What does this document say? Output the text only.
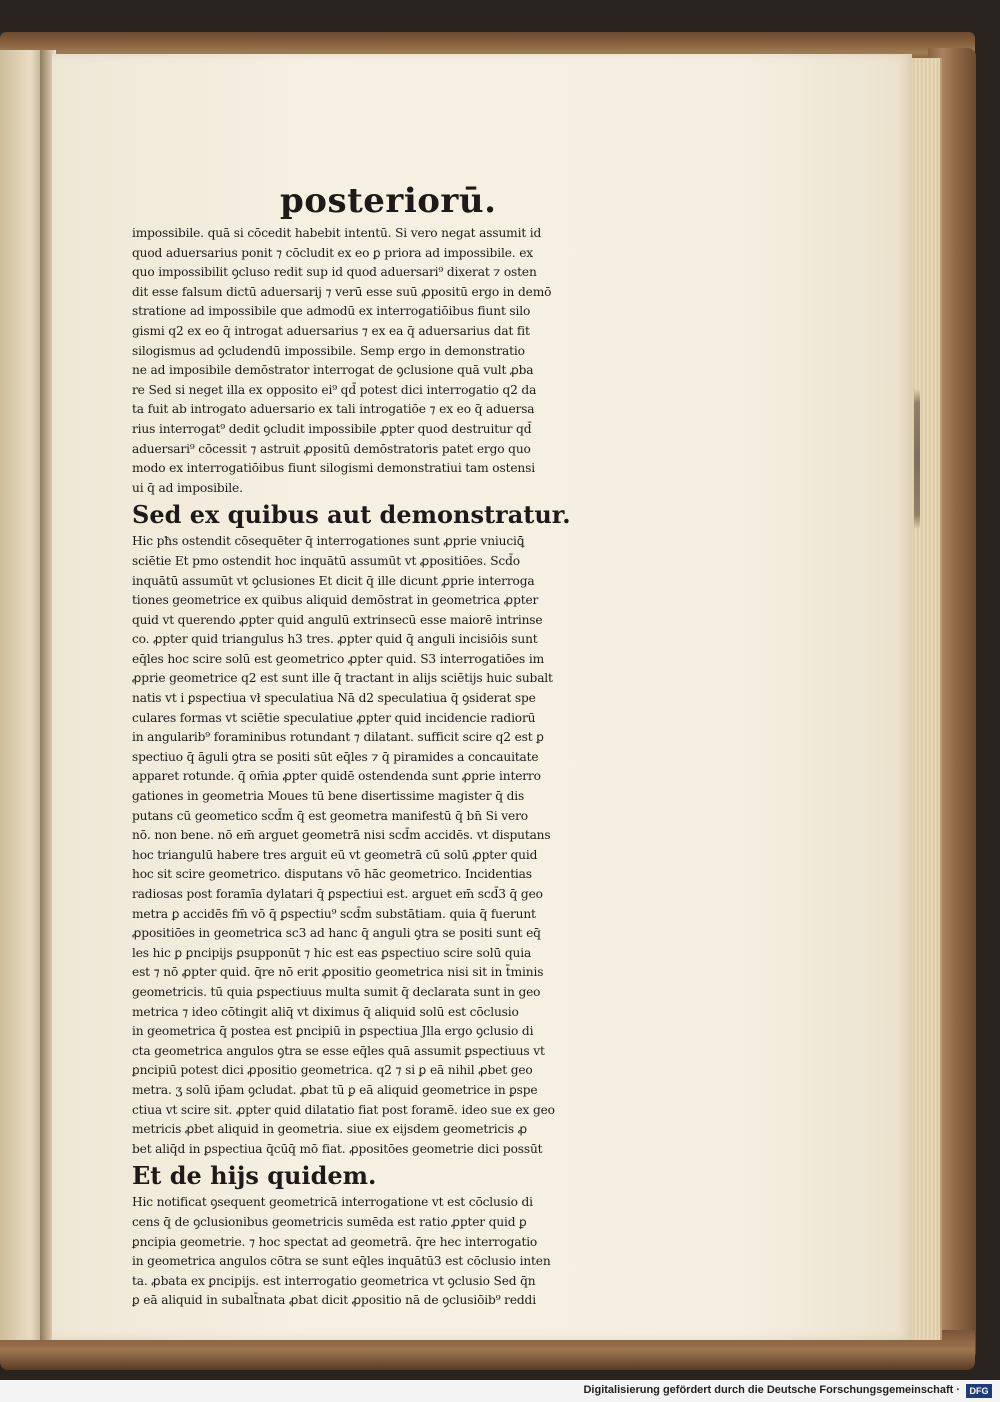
posteriorū.
impossibile. quā si cōcedit habebit intentū. Si vero negat assumit id
quod aduersarius ponit ⁊ cōcludit ex eo ꝑ priora ad impossibile. ex
quo impossibilit ꝯcluso redit sup id quod aduersari⁹ dixerat ⁊ osten
dit esse falsum dictū aduersarij ⁊ verū esse suū ꝓpositū ergo in demō
stratione ad impossibile que admodū ex interrogatiōibus fiunt silo
gismi q2 ex eo q̄ introgat aduersarius ⁊ ex ea q̄ aduersarius dat fit
silogismus ad ꝯcludendū impossibile. Semp ergo in demonstratio
ne ad imposibile demōstrator interrogat de ꝯclusione quā vult ꝓba
re Sed si neget illa ex opposito ei⁹ qd̄ potest dici interrogatio q2 da
ta fuit ab introgato aduersario ex tali introgatiōe ⁊ ex eo q̄ aduersa
rius interrogat⁹ dedit ꝯcludit impossibile ꝓpter quod destruitur qd̄
aduersari⁹ cōcessit ⁊ astruit ꝓpositū demōstratoris patet ergo quo
modo ex interrogatiōibus fiunt silogismi demonstratiui tam ostensi
ui q̄ ad imposibile.
Sed ex quibus aut demonstratur.
Hic pħs ostendit cōsequēter q̄ interrogationes sunt ꝓprie vniuciꝗ̄
sciētie Et pmo ostendit hoc inquātū assumūt vt ꝓpositiōes. Scd̄o
inquātū assumūt vt ꝯclusiones Et dicit q̄ ille dicunt ꝓprie interroga
tiones geometrice ex quibus aliquid demōstrat in geometrica ꝓpter
quid vt querendo ꝓpter quid angulū extrinsecū esse maiorē intrinse
co. ꝓpter quid triangulus h3 tres. ꝓpter quid q̄ anguli incisiōis sunt
eq̄les hoc scire solū est geometrico ꝓpter quid. S3 interrogatiōes im
ꝓprie geometrice q2 est sunt ille q̄ tractant in alijs sciētijs huic subalt
natis vt i ꝑspectiua vł speculatiua Nā d2 speculatiua q̄ ꝯsiderat spe
culares formas vt sciētie speculatiue ꝓpter quid incidencie radiorū
in angularib⁹ foraminibus rotundant ⁊ dilatant. sufficit scire q2 est ꝑ
spectiuo q̄ āguli ꝯtra se positi sūt eq̄les ⁊ q̄ piramides a concauitate
apparet rotunde. q̄ om̄ia ꝓpter quidē ostendenda sunt ꝓprie interro
gationes in geometria Moues tū bene disertissime magister q̄ dis
putans cū geometico scd̄m q̄ est geometra manifestū q̄ bn̄ Si vero
nō. non bene. nō em̄ arguet geometrā nisi scd̄m accidēs. vt disputans
hoc triangulū habere tres arguit eū vt geometrā cū solū ꝓpter quid
hoc sit scire geometrico. disputans vō hāc geometrico. Incidentias
radiosas post foramīa dylatari q̄ ꝑspectiui est. arguet em̄ scd̄3 q̄ geo
metra ꝑ accidēs fm̄ vō q̄ ꝑspectiu⁹ scd̄m substātiam. quia q̄ fuerunt
ꝓpositiōes in geometrica sc3 ad hanc q̄ anguli ꝯtra se positi sunt eq̄
les hic ꝑ ꝑncipijs ꝑsupponūt ⁊ hic est eas ꝑspectiuo scire solū quia
est ⁊ nō ꝓpter quid. q̄re nō erit ꝓpositio geometrica nisi sit in t̄minis
geometricis. tū quia ꝑspectiuus multa sumit q̄ declarata sunt in geo
metrica ⁊ ideo cōtingit aliq̄ vt diximus q̄ aliquid solū est cōclusio
in geometrica q̄ postea est ꝑncipiū in ꝑspectiua Jlla ergo ꝯclusio di
cta geometrica angulos ꝯtra se esse eq̄les quā assumit ꝑspectiuus vt
ꝑncipiū potest dici ꝓpositio geometrica. q2 ⁊ si ꝑ eā nihil ꝓbet geo
metra. ʒ solū ip̄am ꝯcludat. ꝓbat tū ꝑ eā aliquid geometrice in ꝑspe
ctiua vt scire sit. ꝓpter quid dilatatio fiat post foramē. ideo sue ex geo
metricis ꝓbet aliquid in geometria. siue ex eijsdem geometricis ꝓ
bet aliq̄d in ꝑspectiua q̄cūq̄ mō fiat. ꝓpositōes geometrie dici possūt
Et de hijs quidem.
Hic notificat ꝯsequent geometricā interrogatione vt est cōclusio di
cens q̄ de ꝯclusionibus geometricis sumēda est ratio ꝓpter quid ꝑ
ꝑncipia geometrie. ⁊ hoc spectat ad geometrā. q̄re hec interrogatio
in geometrica angulos cōtra se sunt eq̄les inquātū3 est cōclusio inten
ta. ꝓbata ex ꝑncipijs. est interrogatio geometrica vt ꝯclusio Sed q̄n
ꝑ eā aliquid in subalt̄nata ꝓbat dicit ꝓpositio nā de ꝯclusiōib⁹ reddi
Digitalisierung gefördert durch die Deutsche Forschungsgemeinschaft ·	DFG
